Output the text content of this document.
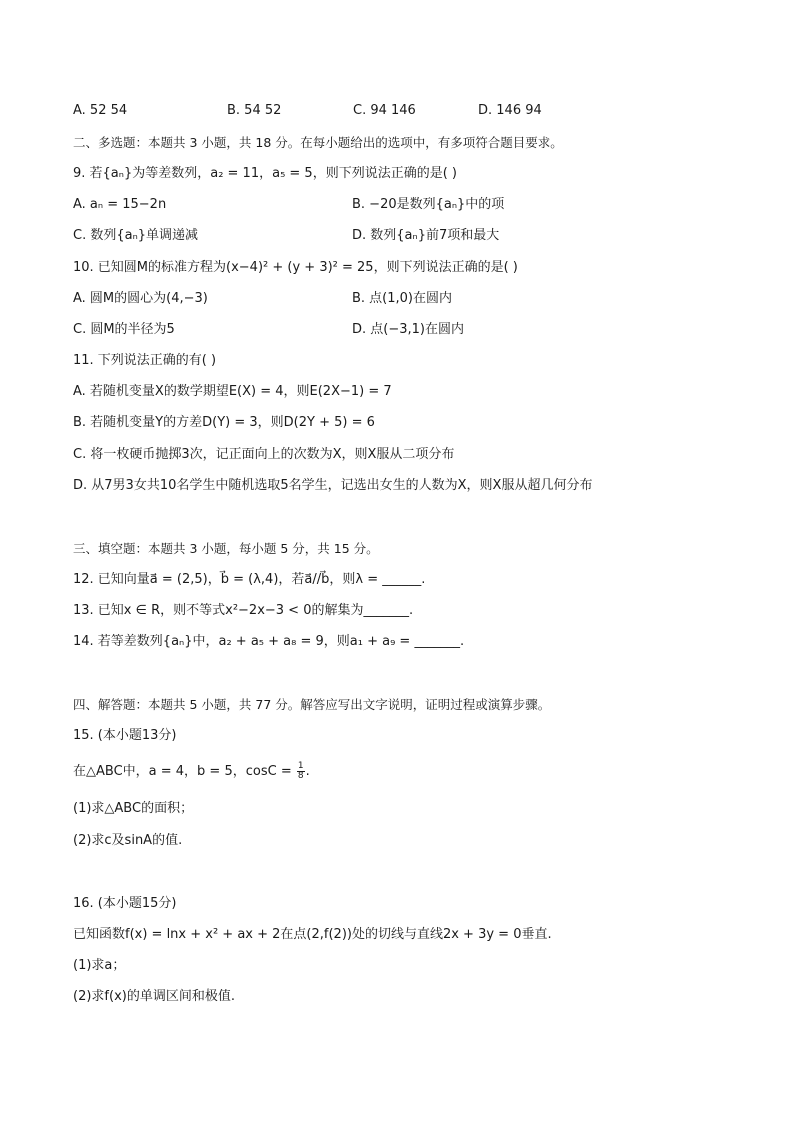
A. 52 54	B. 54 52	C. 94 146	D. 146 94
二、多选题：本题共 3 小题，共 18 分。在每小题给出的选项中，有多项符合题目要求。
9. 若{aₙ}为等差数列，a₂ = 11，a₅ = 5，则下列说法正确的是( )
A. aₙ = 15−2n	B. −20是数列{aₙ}中的项
C. 数列{aₙ}单调递减	D. 数列{aₙ}前7项和最大
10. 已知圆M的标准方程为(x−4)² + (y + 3)² = 25，则下列说法正确的是( )
A. 圆M的圆心为(4,−3)	B. 点(1,0)在圆内
C. 圆M的半径为5	D. 点(−3,1)在圆内
11. 下列说法正确的有( )
A. 若随机变量X的数学期望E(X) = 4，则E(2X−1) = 7
B. 若随机变量Y的方差D(Y) = 3，则D(2Y + 5) = 6
C. 将一枚硬币抛掷3次，记正面向上的次数为X，则X服从二项分布
D. 从7男3女共10名学生中随机选取5名学生，记选出女生的人数为X，则X服从超几何分布
三、填空题：本题共 3 小题，每小题 5 分，共 15 分。
12. 已知向量a⃗ = (2,5)，b⃗ = (λ,4)，若a⃗//b⃗，则λ = ______.
13. 已知x ∈ R，则不等式x²−2x−3 < 0的解集为_______.
14. 若等差数列{aₙ}中，a₂ + a₅ + a₈ = 9，则a₁ + a₉ = _______.
四、解答题：本题共 5 小题，共 77 分。解答应写出文字说明，证明过程或演算步骤。
15. (本小题13分)
在△ABC中，a = 4，b = 5，$\cos C = \frac{1}{8}$ .
(1)求△ABC的面积；
(2)求c及sinA的值.
16. (本小题15分)
已知函数f(x) = lnx + x² + ax + 2在点(2,f(2))处的切线与直线2x + 3y = 0垂直.
(1)求a；
(2)求f(x)的单调区间和极值.
